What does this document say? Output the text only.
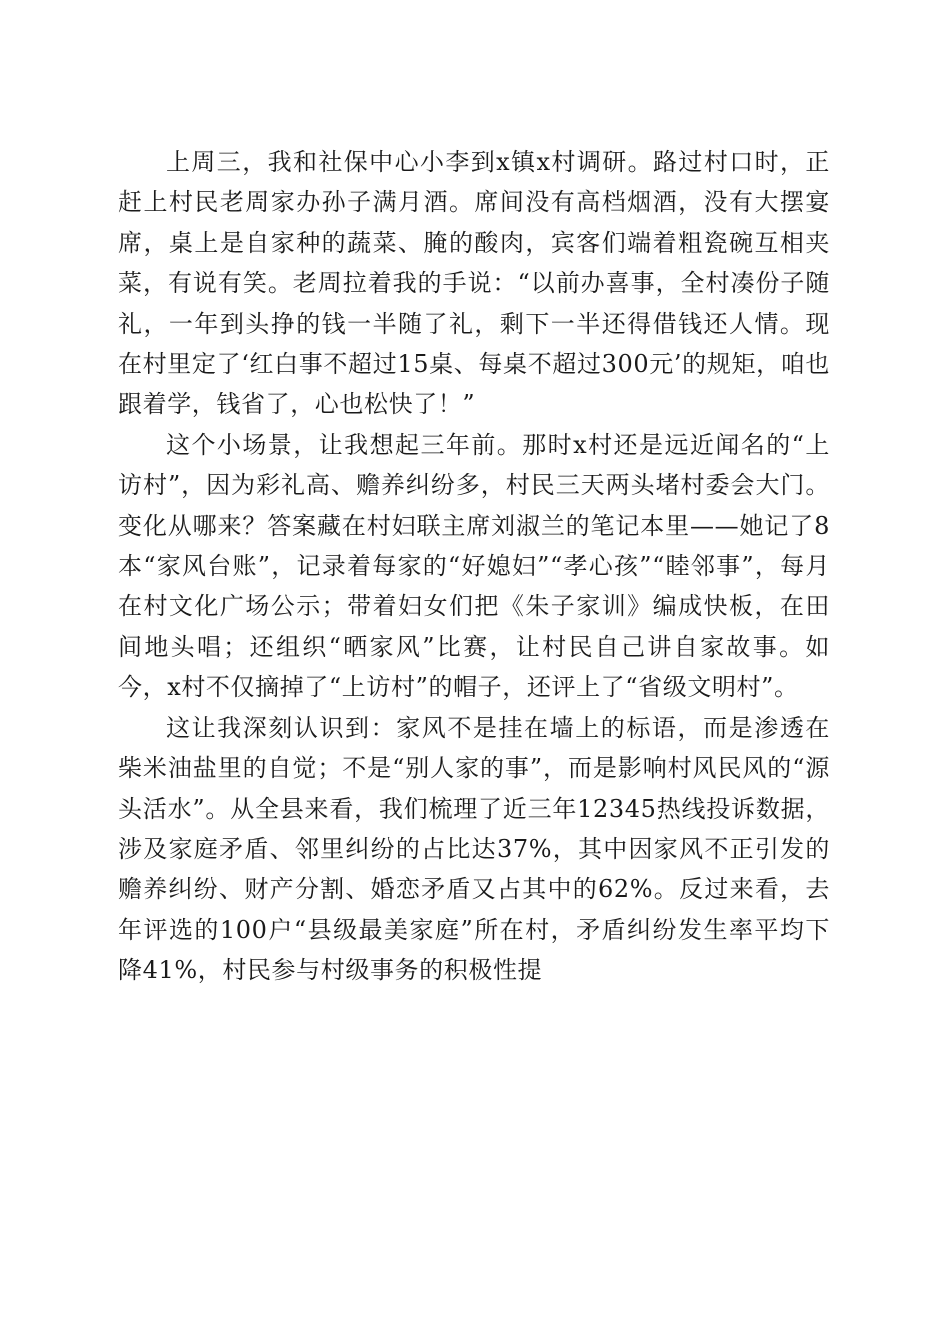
上周三，我和社保中心小李到x镇x村调研。路过村口时，正赶上村民老周家办孙子满月酒。席间没有高档烟酒，没有大摆宴席，桌上是自家种的蔬菜、腌的酸肉，宾客们端着粗瓷碗互相夹菜，有说有笑。老周拉着我的手说：“以前办喜事，全村凑份子随礼，一年到头挣的钱一半随了礼，剩下一半还得借钱还人情。现在村里定了‘红白事不超过15桌、每桌不超过300元’的规矩，咱也跟着学，钱省了，心也松快了！”

这个小场景，让我想起三年前。那时x村还是远近闻名的“上访村”，因为彩礼高、赡养纠纷多，村民三天两头堵村委会大门。变化从哪来？答案藏在村妇联主席刘淑兰的笔记本里——她记了8本“家风台账”，记录着每家的“好媳妇”“孝心孩”“睦邻事”，每月在村文化广场公示；带着妇女们把《朱子家训》编成快板，在田间地头唱；还组织“晒家风”比赛，让村民自己讲自家故事。如今，x村不仅摘掉了“上访村”的帽子，还评上了“省级文明村”。

这让我深刻认识到：家风不是挂在墙上的标语，而是渗透在柴米油盐里的自觉；不是“别人家的事”，而是影响村风民风的“源头活水”。从全县来看，我们梳理了近三年12345热线投诉数据，涉及家庭矛盾、邻里纠纷的占比达37%，其中因家风不正引发的赡养纠纷、财产分割、婚恋矛盾又占其中的62%。反过来看，去年评选的100户“县级最美家庭”所在村，矛盾纠纷发生率平均下降41%，村民参与村级事务的积极性提
